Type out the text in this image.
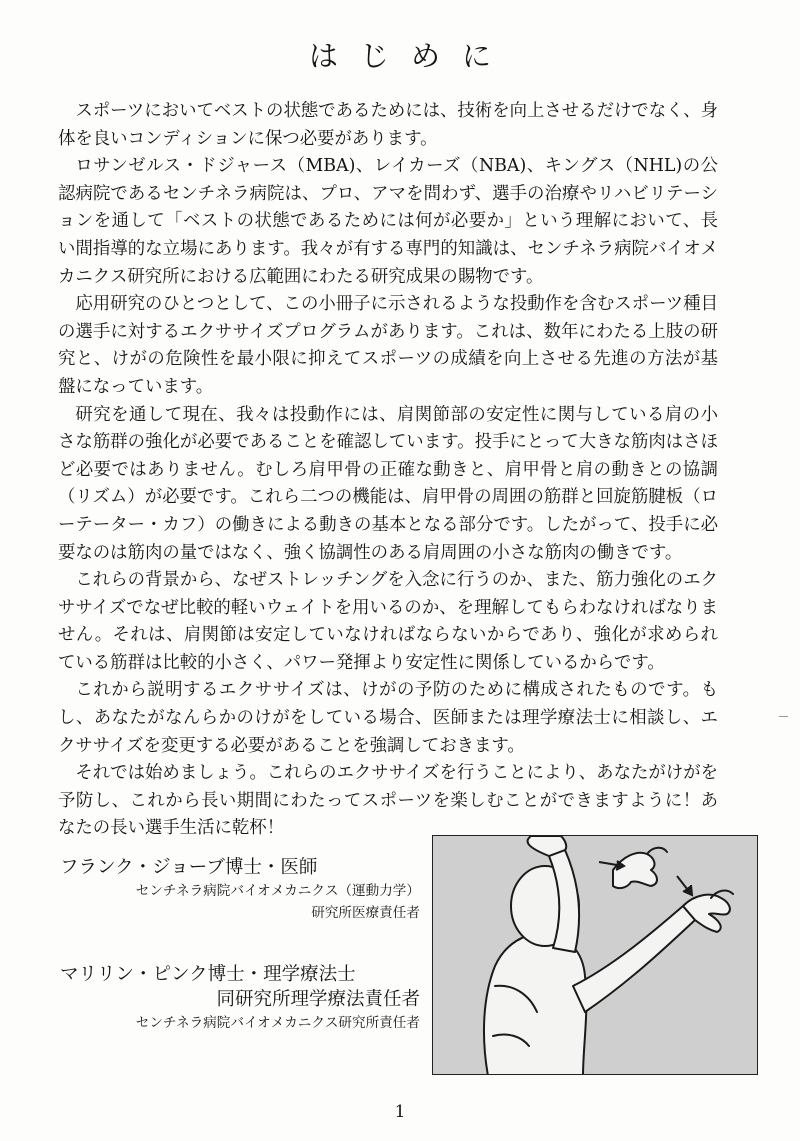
はじめに

スポーツにおいてベストの状態であるためには、技術を向上させるだけでなく、身体を良いコンディションに保つ必要があります。

ロサンゼルス・ドジャース（MBA)、レイカーズ（NBA)、キングス（NHL)の公認病院であるセンチネラ病院は、プロ、アマを問わず、選手の治療やリハビリテーションを通して「ベストの状態であるためには何が必要か」という理解において、長い間指導的な立場にあります。我々が有する専門的知識は、センチネラ病院バイオメカニクス研究所における広範囲にわたる研究成果の賜物です。

応用研究のひとつとして、この小冊子に示されるような投動作を含むスポーツ種目の選手に対するエクササイズプログラムがあります。これは、数年にわたる上肢の研究と、けがの危険性を最小限に抑えてスポーツの成績を向上させる先進の方法が基盤になっています。

研究を通して現在、我々は投動作には、肩関節部の安定性に関与している肩の小さな筋群の強化が必要であることを確認しています。投手にとって大きな筋肉はさほど必要ではありません。むしろ肩甲骨の正確な動きと、肩甲骨と肩の動きとの協調（リズム）が必要です。これら二つの機能は、肩甲骨の周囲の筋群と回旋筋腱板（ローテーター・カフ）の働きによる動きの基本となる部分です。したがって、投手に必要なのは筋肉の量ではなく、強く協調性のある肩周囲の小さな筋肉の働きです。

これらの背景から、なぜストレッチングを入念に行うのか、また、筋力強化のエクササイズでなぜ比較的軽いウェイトを用いるのか、を理解してもらわなければなりません。それは、肩関節は安定していなければならないからであり、強化が求められている筋群は比較的小さく、パワー発揮より安定性に関係しているからです。

これから説明するエクササイズは、けがの予防のために構成されたものです。もし、あなたがなんらかのけがをしている場合、医師または理学療法士に相談し、エクササイズを変更する必要があることを強調しておきます。

それでは始めましょう。これらのエクササイズを行うことにより、あなたがけがを予防し、これから長い期間にわたってスポーツを楽しむことができますように！あなたの長い選手生活に乾杯！

フランク・ジョーブ博士・医師
センチネラ病院バイオメカニクス（運動力学）
研究所医療責任者
マリリン・ピンク博士・理学療法士
同研究所理学療法責任者
センチネラ病院バイオメカニクス研究所責任者
1
